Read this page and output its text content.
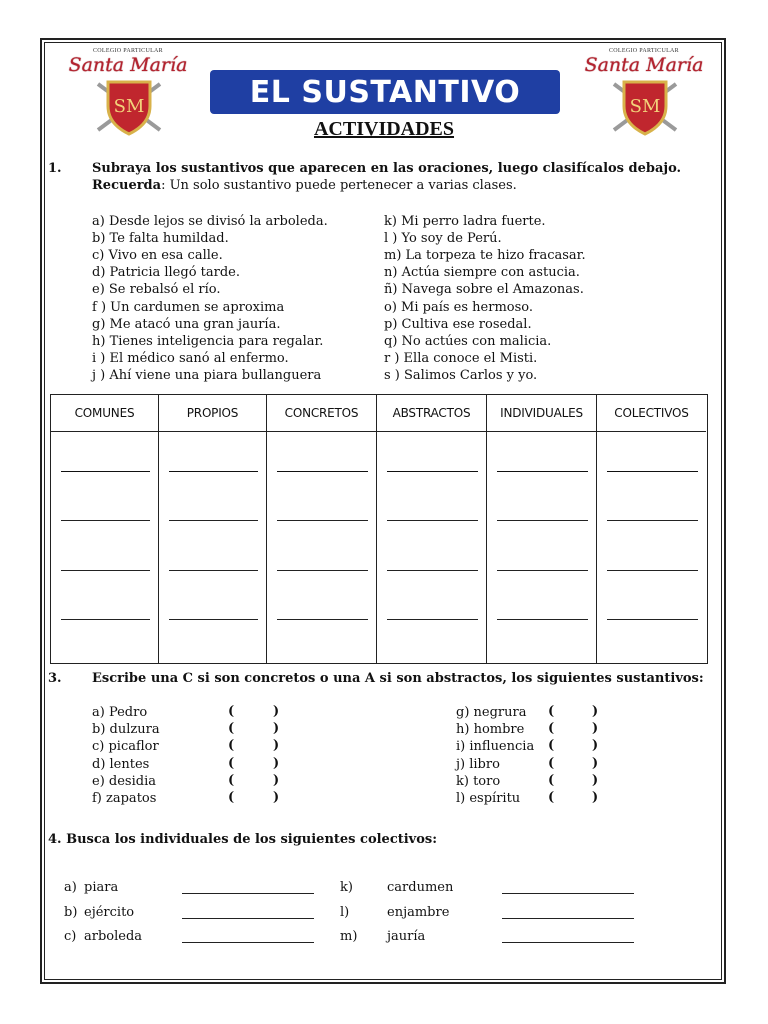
COLEGIO PARTICULAR
Santa María
SM
COLEGIO PARTICULAR
Santa María
SM
EL SUSTANTIVO
ACTIVIDADES
1. Subraya los sustantivos que aparecen en las oraciones, luego clasifícalos debajo.
Recuerda: Un solo sustantivo puede pertenecer a varias clases.
a) Desde lejos se divisó la arboleda.
b) Te falta humildad.
c) Vivo en esa calle.
d) Patricia llegó tarde.
e) Se rebalsó el río.
f ) Un cardumen se aproxima
g) Me atacó una gran jauría.
h) Tienes inteligencia para regalar.
i ) El médico sanó al enfermo.
j ) Ahí viene una piara bullanguera
k) Mi perro ladra fuerte.
l ) Yo soy de Perú.
m) La torpeza te hizo fracasar.
n) Actúa siempre con astucia.
ñ) Navega sobre el Amazonas.
o) Mi país es hermoso.
p) Cultiva ese rosedal.
q) No actúes con malicia.
r ) Ella conoce el Misti.
s ) Salimos Carlos y yo.
COMUNES	PROPIOS	CONCRETOS	ABSTRACTOS	INDIVIDUALES	COLECTIVOS
3. Escribe una C si son concretos o una A si son abstractos, los siguientes sustantivos:
a) Pedro	(	)
b) dulzura	(	)
c) picaflor	(	)
d) lentes	(	)
e) desidia	(	)
f) zapatos	(	)
g) negrura (	)
h) hombre (	)
i) influencia (	)
j) libro	(	)
k) toro	(	)
l) espíritu (	)
4. Busca los individuales de los siguientes colectivos:
a) piara
b) ejército
c) arboleda
k)	cardumen
l)	enjambre
m) jauría
